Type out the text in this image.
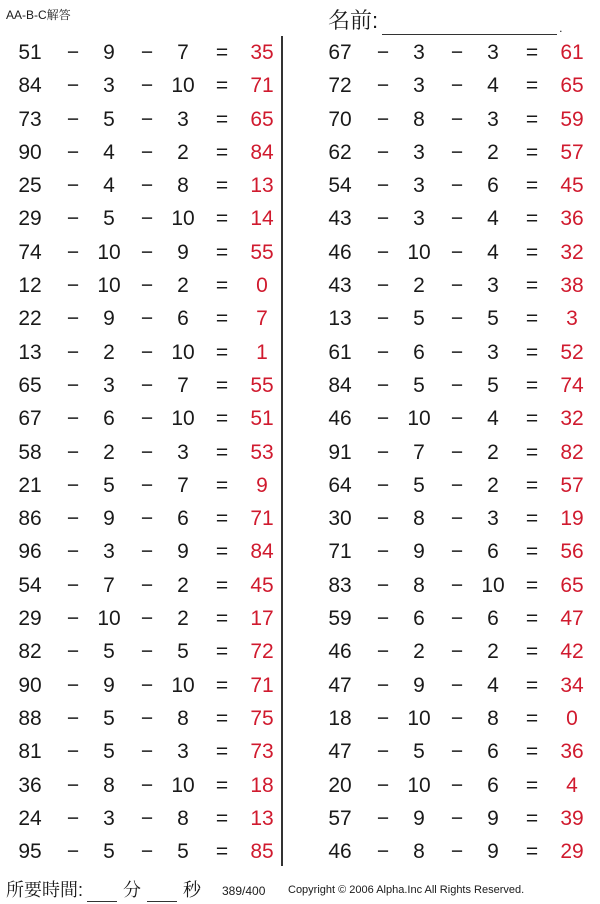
AA-B-C解答	名前:	.
51	−	9	−	7	=	35
84	−	3	− 10	=	71
73	−	5	−	3	=	65
90	−	4	−	2	=	84
25	−	4	−	8	=	13
29	−	5	− 10	=	14
74	− 10 −	9	=	55
12	− 10 −	2	=	0
22	−	9	−	6	=	7
13	−	2	− 10	=	1
65	−	3	−	7	=	55
67	−	6	− 10	=	51
58	−	2	−	3	=	53
21	−	5	−	7	=	9
86	−	9	−	6	=	71
96	−	3	−	9	=	84
54	−	7	−	2	=	45
29	− 10 −	2	=	17
82	−	5	−	5	=	72
90	−	9	− 10	=	71
88	−	5	−	8	=	75
81	−	5	−	3	=	73
36	−	8	− 10	=	18
24	−	3	−	8	=	13
95	−	5	−	5	=	85
67	−	3	−	3	=	61
72	−	3	−	4	=	65
70	−	8	−	3	=	59
62	−	3	−	2	=	57
54	−	3	−	6	=	45
43	−	3	−	4	=	36
46	− 10 −	4	=	32
43	−	2	−	3	=	38
13	−	5	−	5	=	3
61	−	6	−	3	=	52
84	−	5	−	5	=	74
46	− 10 −	4	=	32
91	−	7	−	2	=	82
64	−	5	−	2	=	57
30	−	8	−	3	=	19
71	−	9	−	6	=	56
83	−	8	− 10	=	65
59	−	6	−	6	=	47
46	−	2	−	2	=	42
47	−	9	−	4	=	34
18	− 10 −	8	=	0
47	−	5	−	6	=	36
20	− 10 −	6	=	4
57	−	9	−	9	=	39
46	−	8	−	9	=	29
所要時間: 分 秒 389/400 Copyright © 2006 Alpha.Inc All Rights Reserved.
